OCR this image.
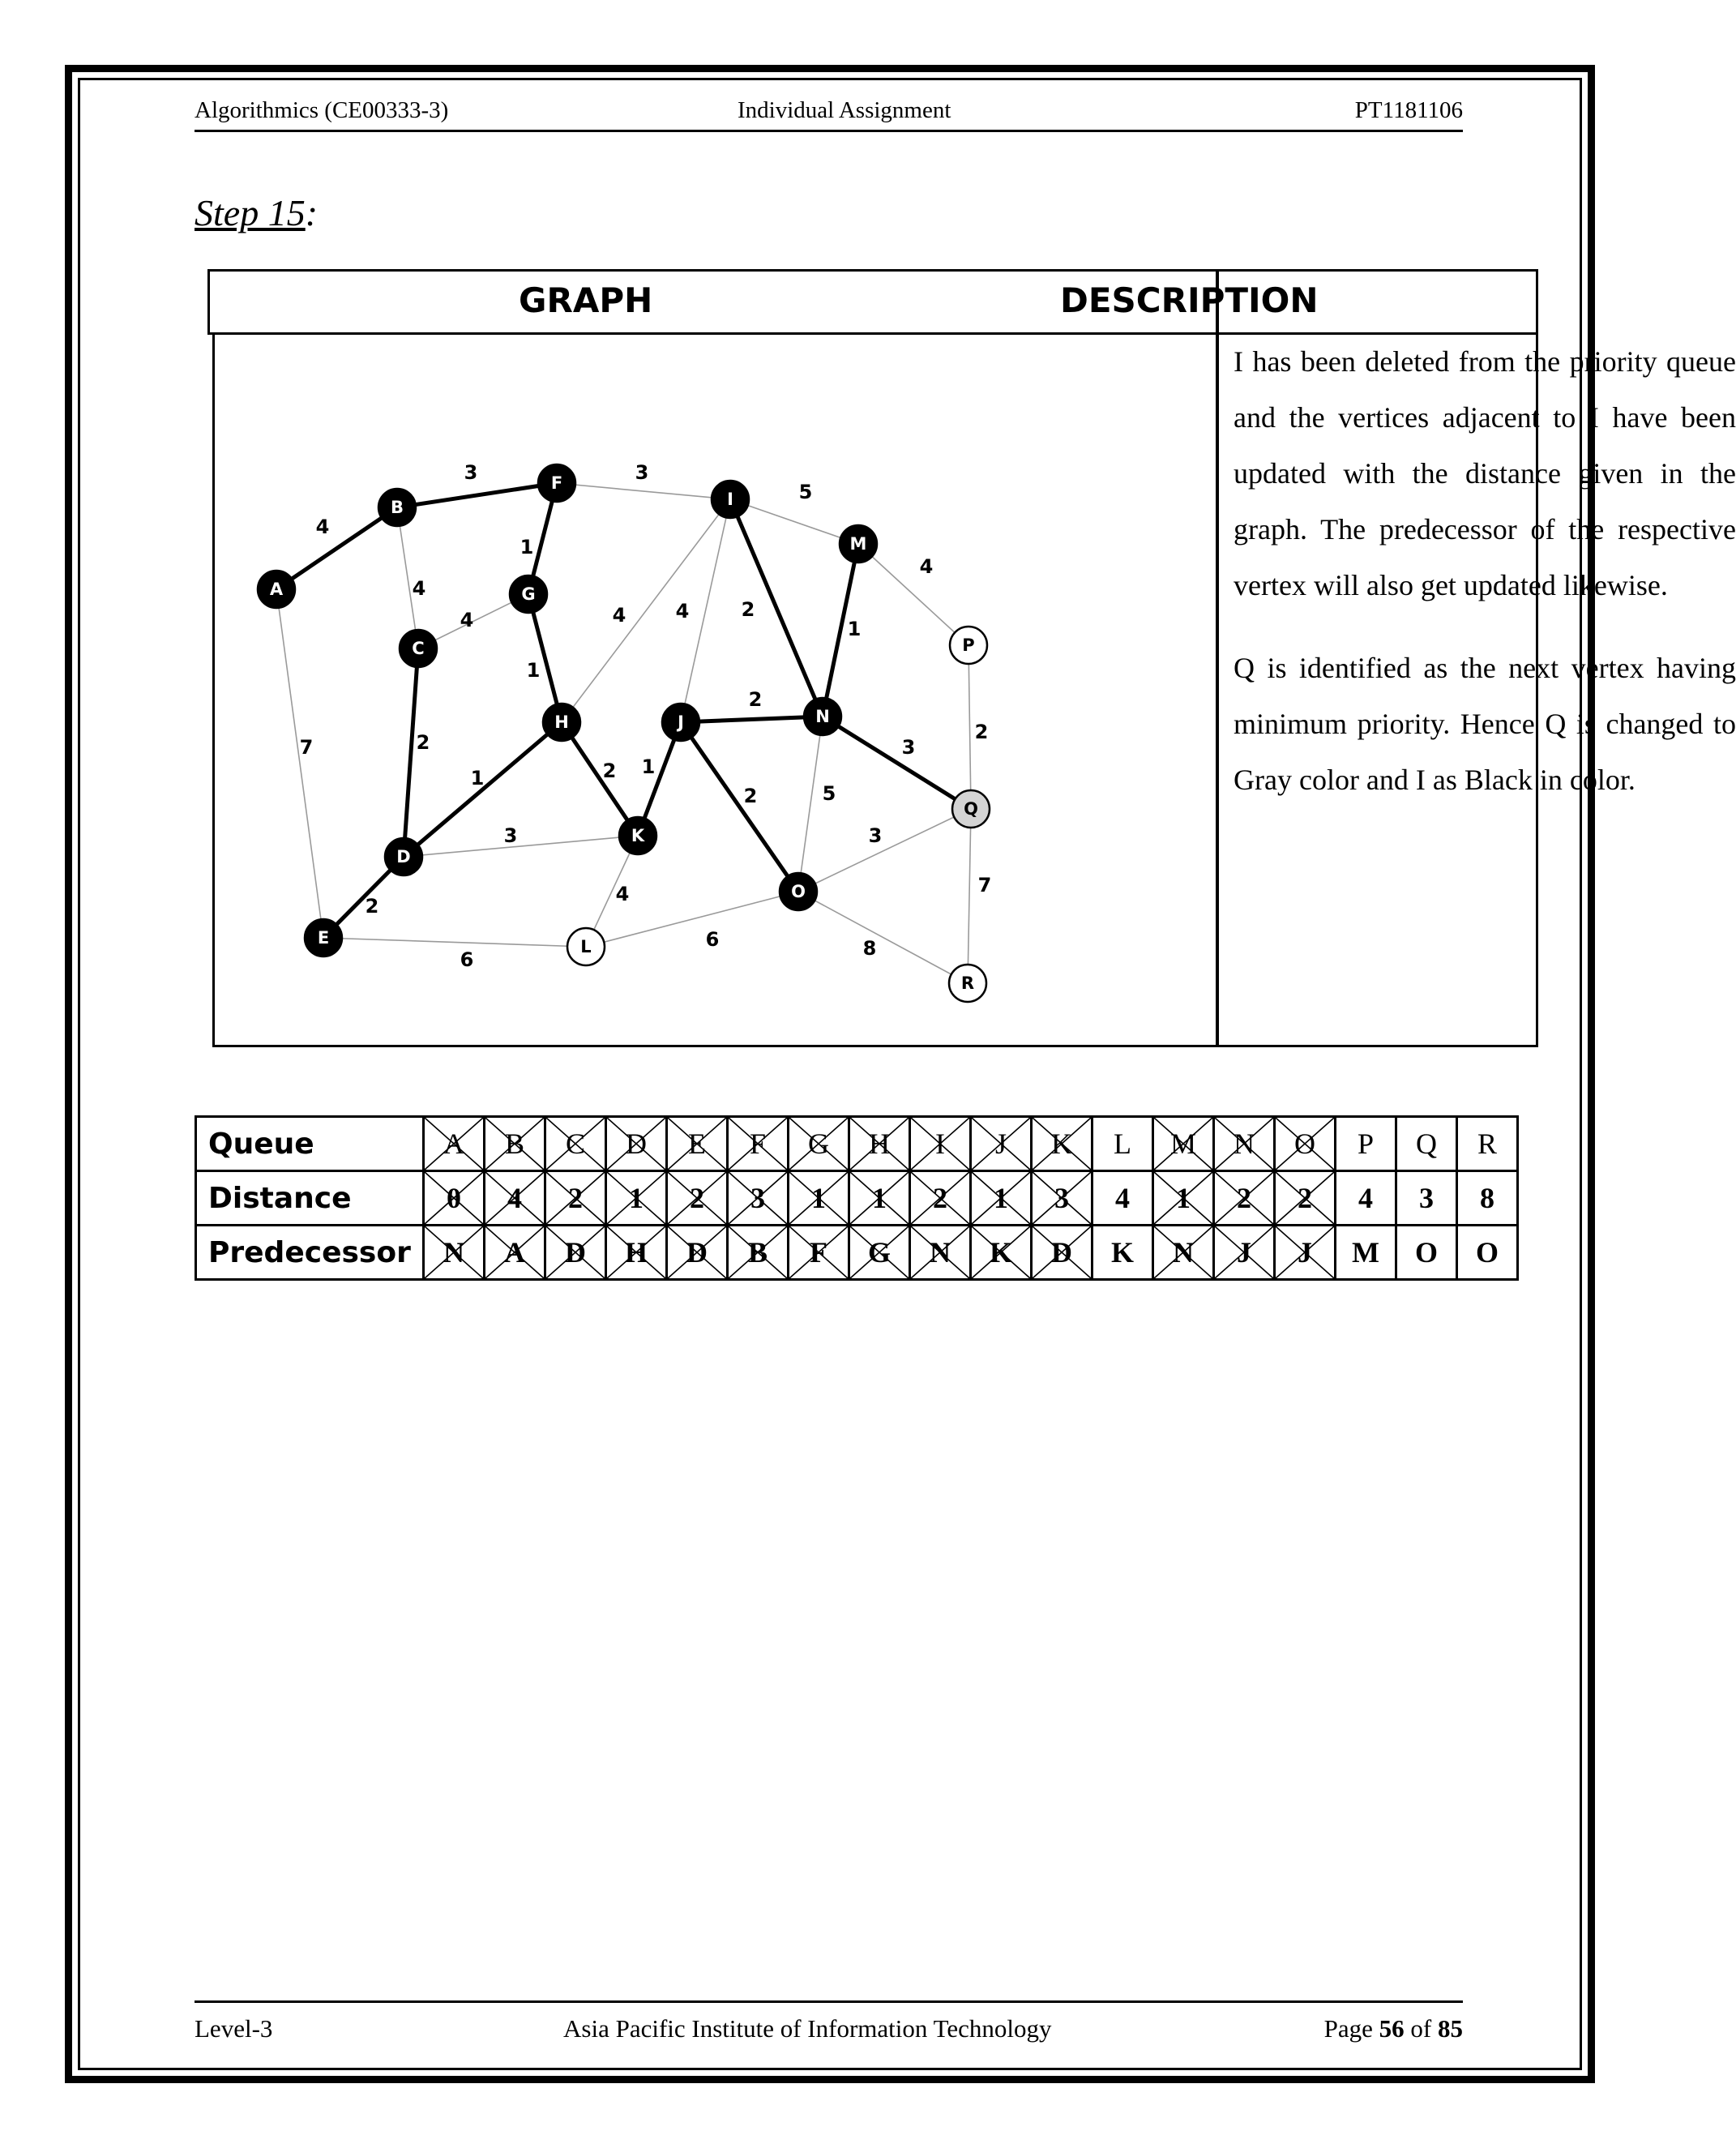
Algorithmics (CE00333-3)	Individual Assignment	PT1181106
Step 15:
GRAPH	DESCRIPTION

I has been deleted from the priority queue and the vertices adjacent to I have been updated with the distance given in the graph. The predecessor of the respective vertex will also get updated likewise.

Q is identified as the next vertex having minimum priority. Hence Q is changed to Gray color and I as Black in color.

4
3
1
1
1
2
2
2 1
2
2
2
1
3
7
4
4
3
5
4
4	4
2
3
5
3
4
6
6	8
7
A
B
C
D
E
F
G
H
I
J
K
L
M
N
O
P
Q
R
Queue	A	B	C	D	E	F	G	H	I	J	K	L	M	N	O	P	Q	R
Distance	0	4	2	1	2	3	1	1	2	1	3	4	1	2	2	4	3	8
Predecessor	N	A	D	H	D	B	F	G	N	K	D	K	N	J	J	M	O	O
Level-3	Asia Pacific Institute of Information Technology	Page 56 of 85
